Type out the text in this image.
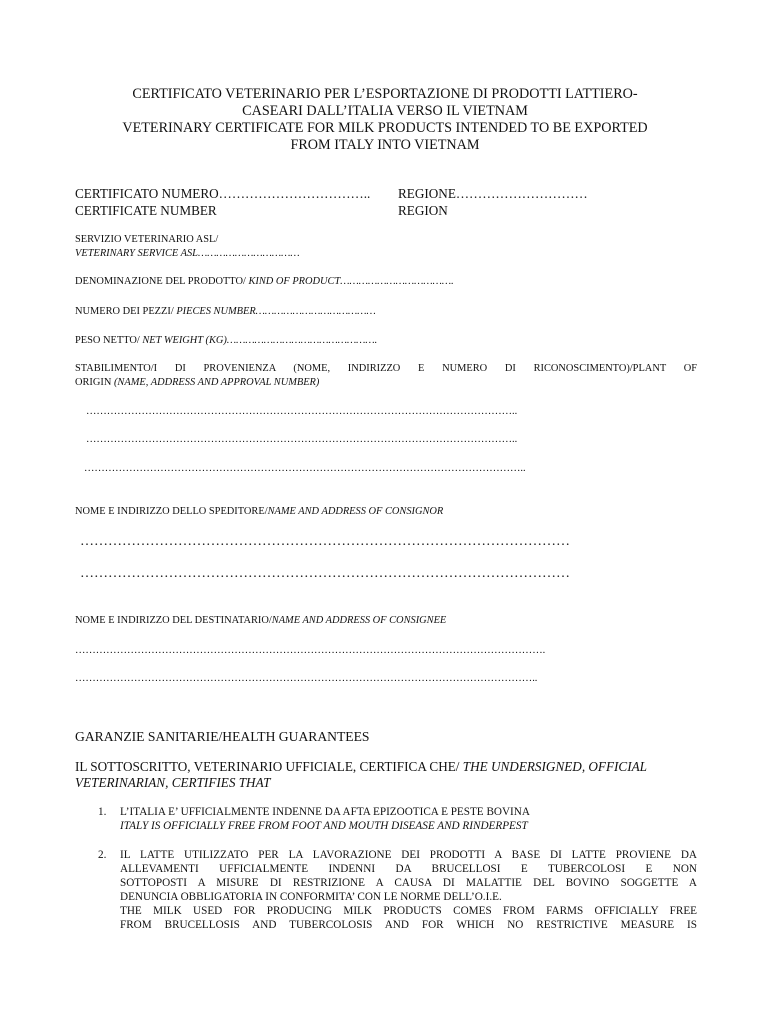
CERTIFICATO VETERINARIO PER L’ESPORTAZIONE DI PRODOTTI LATTIERO-
CASEARI DALL’ITALIA VERSO IL VIETNAM
VETERINARY CERTIFICATE FOR MILK PRODUCTS INTENDED TO BE EXPORTED
FROM ITALY INTO VIETNAM
CERTIFICATO NUMERO…………………………….. REGIONE…………………………
CERTIFICATE NUMBER	REGION
SERVIZIO VETERINARIO ASL/
VETERINARY SERVICE ASL……………………………
DENOMINAZIONE DEL PRODOTTO/ KIND OF PRODUCT……………………………….
NUMERO DEI PEZZI/ PIECES NUMBER…………………………………
PESO NETTO/ NET WEIGHT (KG)………………………………………….
STABILIMENTO/I DI PROVENIENZA (NOME, INDIRIZZO E NUMERO DI RICONOSCIMENTO)/PLANT OF
ORIGIN (NAME, ADDRESS AND APPROVAL NUMBER)
……………………………………………………………………………………………………………..
……………………………………………………………………………………………………………..
………………………………………………………………………………………………………………..
NOME E INDIRIZZO DELLO SPEDITORE/NAME AND ADDRESS OF CONSIGNOR
……………………………………………………………………………………………
……………………………………………………………………………………………
NOME E INDIRIZZO DEL DESTINATARIO/NAME AND ADDRESS OF CONSIGNEE
……………………………………………………………………………………………………………………….
……………………………………………………………………………………………………………………..
GARANZIE SANITARIE/HEALTH GUARANTEES
IL SOTTOSCRITTO, VETERINARIO UFFICIALE, CERTIFICA CHE/ THE UNDERSIGNED, OFFICIAL
VETERINARIAN, CERTIFIES THAT
1. L’ITALIA E’ UFFICIALMENTE INDENNE DA AFTA EPIZOOTICA E PESTE BOVINA
ITALY IS OFFICIALLY FREE FROM FOOT AND MOUTH DISEASE AND RINDERPEST
2. IL LATTE UTILIZZATO PER LA LAVORAZIONE DEI PRODOTTI A BASE DI LATTE PROVIENE DA
ALLEVAMENTI UFFICIALMENTE INDENNI DA BRUCELLOSI E TUBERCOLOSI E NON
SOTTOPOSTI A MISURE DI RESTRIZIONE A CAUSA DI MALATTIE DEL BOVINO SOGGETTE A
DENUNCIA OBBLIGATORIA IN CONFORMITA’ CON LE NORME DELL’O.I.E.
THE MILK USED FOR PRODUCING MILK PRODUCTS COMES FROM FARMS OFFICIALLY FREE
FROM BRUCELLOSIS AND TUBERCOLOSIS AND FOR WHICH NO RESTRICTIVE MEASURE IS
